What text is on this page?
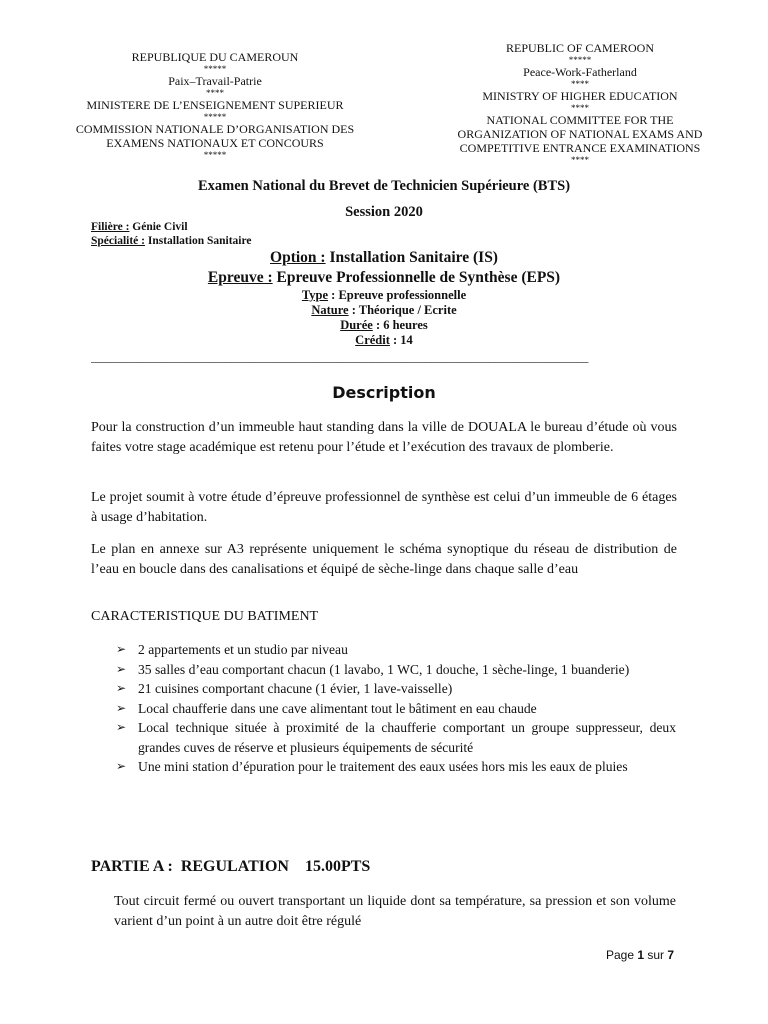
REPUBLIQUE DU CAMEROUN
*****
Paix–Travail-Patrie
****
MINISTERE DE L’ENSEIGNEMENT SUPERIEUR
*****
COMMISSION NATIONALE D’ORGANISATION DES
EXAMENS NATIONAUX ET CONCOURS
*****
REPUBLIC OF CAMEROON
*****
Peace-Work-Fatherland
****
MINISTRY OF HIGHER EDUCATION
****
NATIONAL COMMITTEE FOR THE
ORGANIZATION OF NATIONAL EXAMS AND
COMPETITIVE ENTRANCE EXAMINATIONS
****
Examen National du Brevet de Technicien Supérieure (BTS)
Session 2020
Filière : Génie Civil
Spécialité : Installation Sanitaire
Option : Installation Sanitaire (IS)
Epreuve : Epreuve Professionnelle de Synthèse (EPS)
Type : Epreuve professionnelle
Nature : Théorique / Ecrite
Durée : 6 heures
Crédit : 14
_____________________________________________________________________________________
Description
Pour la construction d’un immeuble haut standing dans la ville de DOUALA le bureau d’étude où vous faites votre stage académique est retenu pour l’étude et l’exécution des travaux de plomberie.
Le projet soumit à votre étude d’épreuve professionnel de synthèse est celui d’un immeuble de 6 étages à usage d’habitation.
Le plan en annexe sur A3 représente uniquement le schéma synoptique du réseau de distribution de l’eau en boucle dans des canalisations et équipé de sèche-linge dans chaque salle d’eau
CARACTERISTIQUE DU BATIMENT
➢ 2 appartements et un studio par niveau
➢ 35 salles d’eau comportant chacun (1 lavabo, 1 WC, 1 douche, 1 sèche-linge, 1 buanderie)
➢ 21 cuisines comportant chacune (1 évier, 1 lave-vaisselle)
➢ Local chaufferie dans une cave alimentant tout le bâtiment en eau chaude
➢ Local technique située à proximité de la chaufferie comportant un groupe suppresseur, deux grandes cuves de réserve et plusieurs équipements de sécurité
➢ Une mini station d’épuration pour le traitement des eaux usées hors mis les eaux de pluies
PARTIE A :  REGULATION    15.00PTS
Tout circuit fermé ou ouvert transportant un liquide dont sa température, sa pression et son volume varient d’un point à un autre doit être régulé
Page 1 sur 7
